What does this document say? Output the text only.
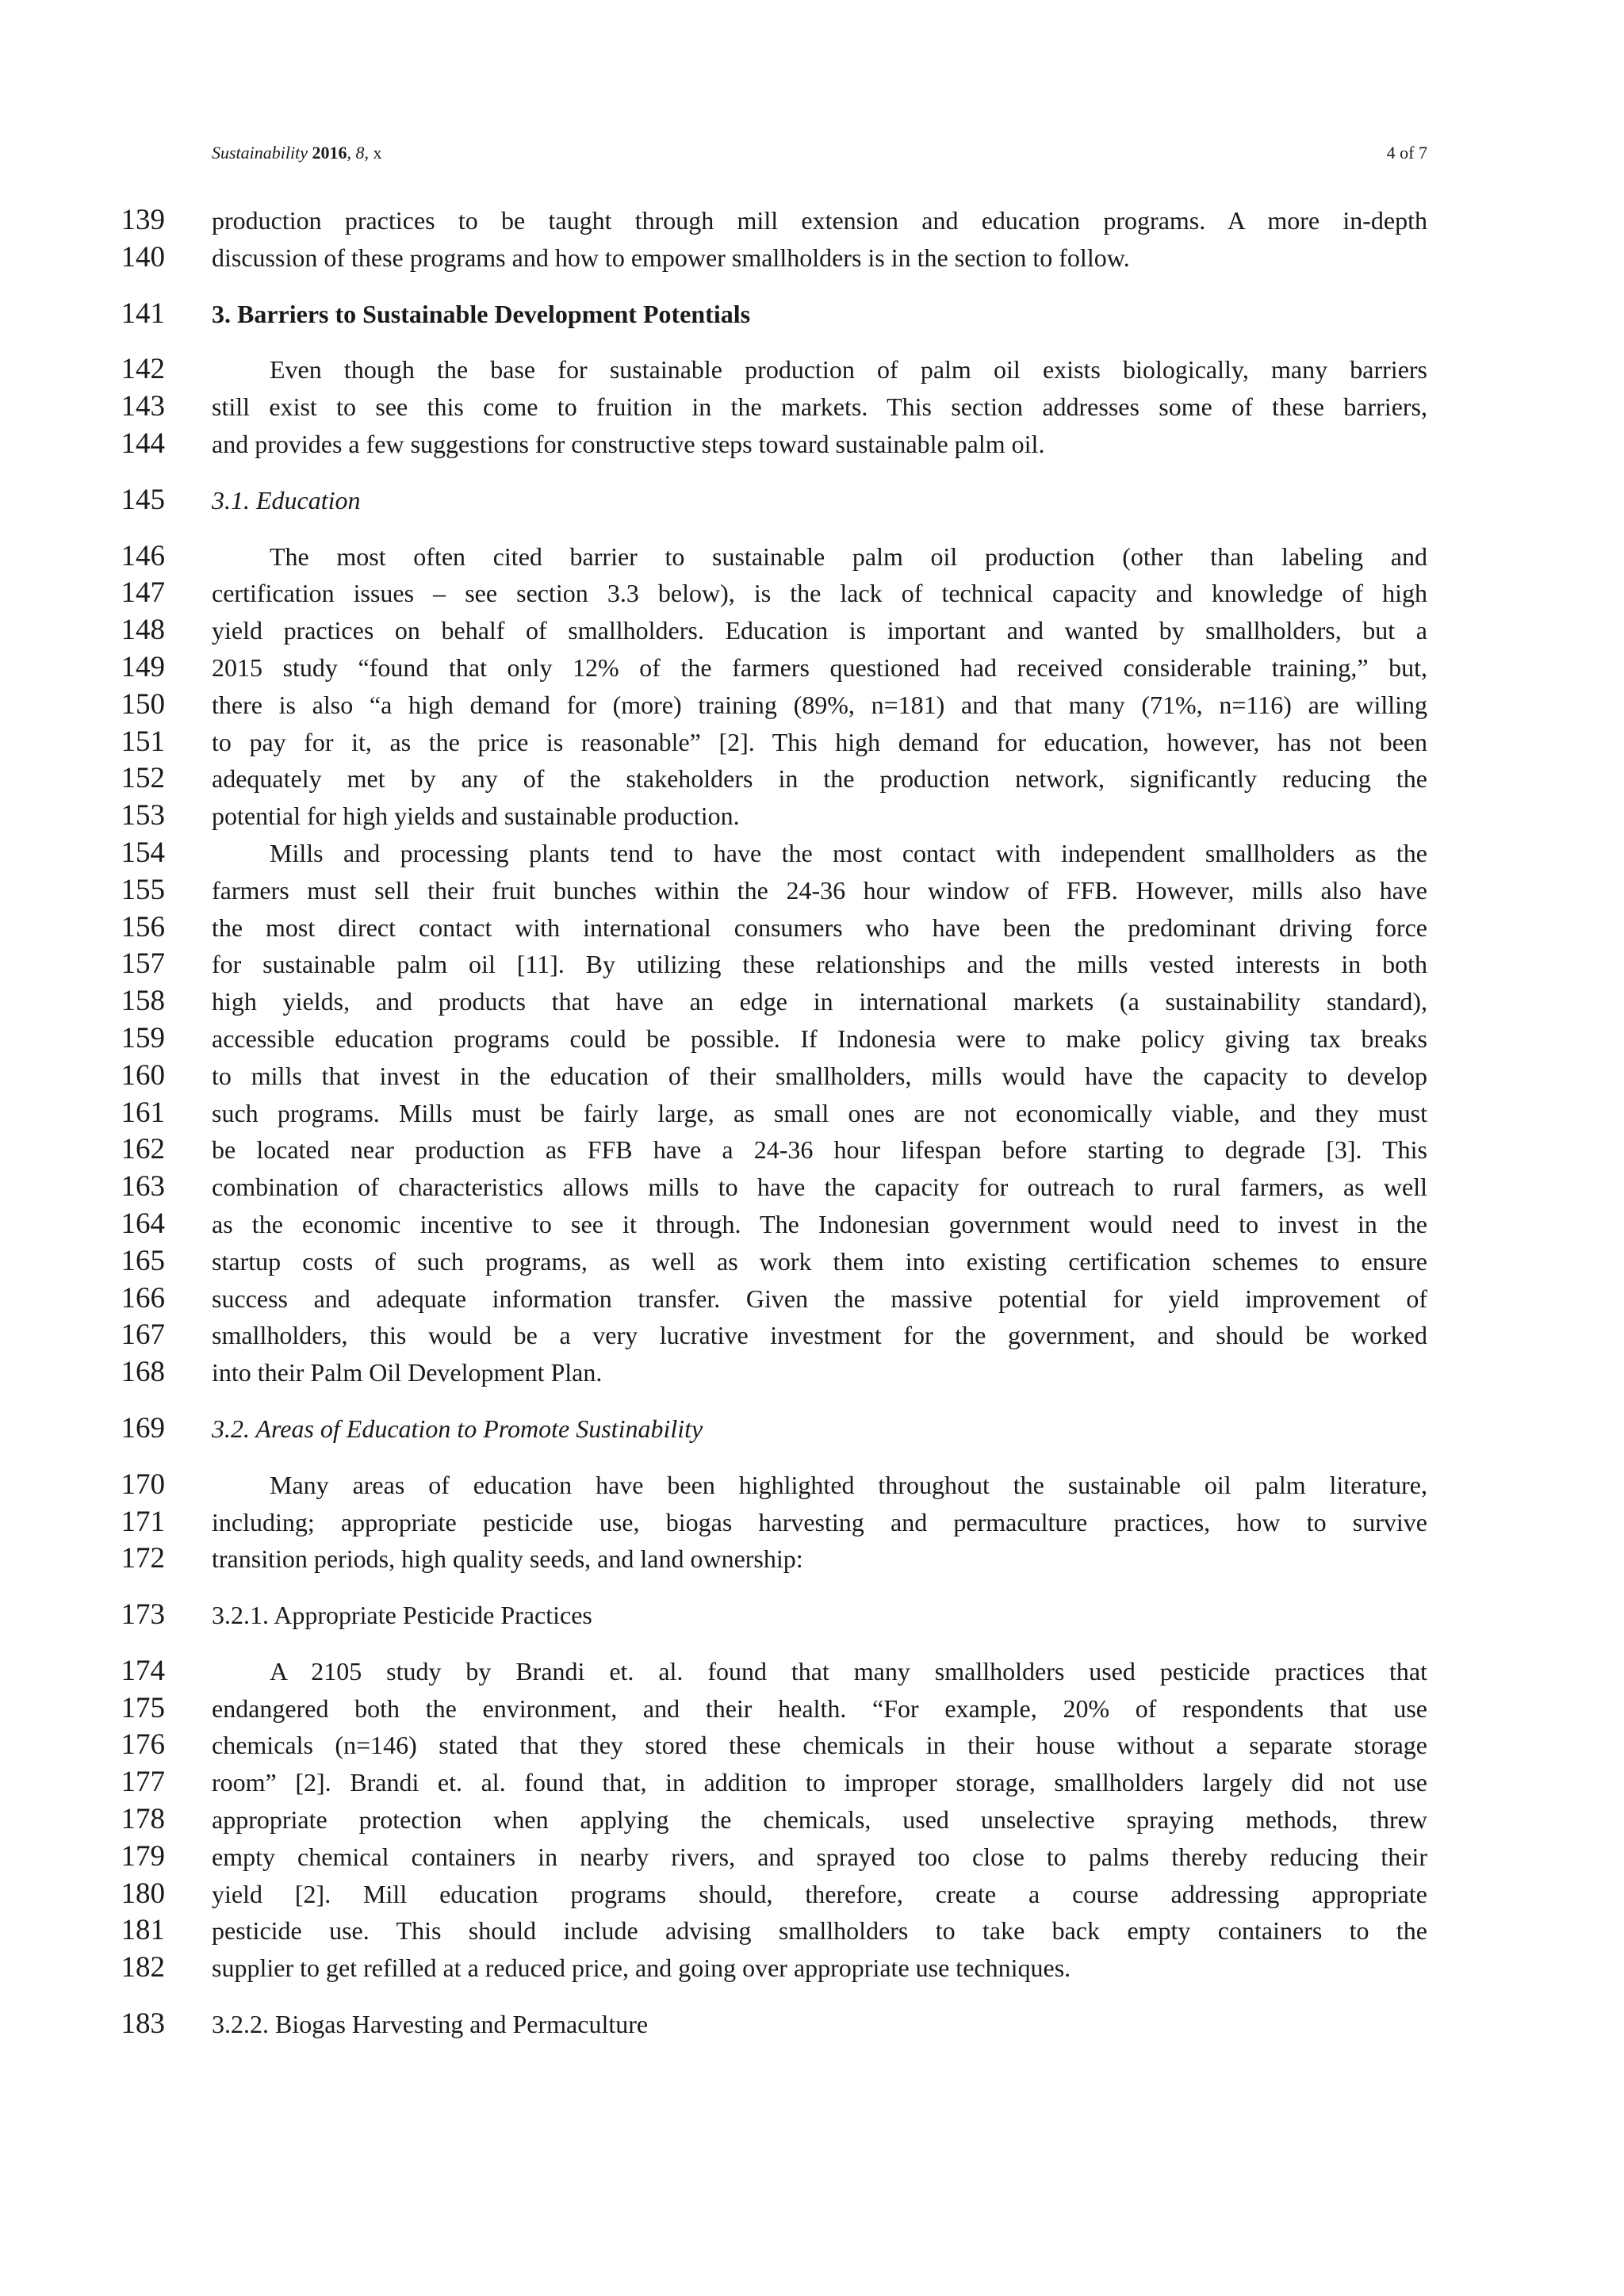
Sustainability 2016, 8, x	4 of 7
139 production practices to be taught through mill extension and education programs. A more in-depth
140 discussion of these programs and how to empower smallholders is in the section to follow.
141 3. Barriers to Sustainable Development Potentials
142	Even though the base for sustainable production of palm oil exists biologically, many barriers
143 still exist to see this come to fruition in the markets. This section addresses some of these barriers,
144 and provides a few suggestions for constructive steps toward sustainable palm oil.
145 3.1. Education
146	The most often cited barrier to sustainable palm oil production (other than labeling and
147 certification issues – see section 3.3 below), is the lack of technical capacity and knowledge of high
148 yield practices on behalf of smallholders. Education is important and wanted by smallholders, but a
149 2015 study “found that only 12% of the farmers questioned had received considerable training,” but,
150 there is also “a high demand for (more) training (89%, n=181) and that many (71%, n=116) are willing
151 to pay for it, as the price is reasonable” [2]. This high demand for education, however, has not been
152 adequately met by any of the stakeholders in the production network, significantly reducing the
153 potential for high yields and sustainable production.
154	Mills and processing plants tend to have the most contact with independent smallholders as the
155 farmers must sell their fruit bunches within the 24-36 hour window of FFB. However, mills also have
156 the most direct contact with international consumers who have been the predominant driving force
157 for sustainable palm oil [11]. By utilizing these relationships and the mills vested interests in both
158 high yields, and products that have an edge in international markets (a sustainability standard),
159 accessible education programs could be possible. If Indonesia were to make policy giving tax breaks
160 to mills that invest in the education of their smallholders, mills would have the capacity to develop
161 such programs. Mills must be fairly large, as small ones are not economically viable, and they must
162 be located near production as FFB have a 24-36 hour lifespan before starting to degrade [3]. This
163 combination of characteristics allows mills to have the capacity for outreach to rural farmers, as well
164 as the economic incentive to see it through. The Indonesian government would need to invest in the
165 startup costs of such programs, as well as work them into existing certification schemes to ensure
166 success and adequate information transfer. Given the massive potential for yield improvement of
167 smallholders, this would be a very lucrative investment for the government, and should be worked
168 into their Palm Oil Development Plan.
169 3.2. Areas of Education to Promote Sustinability
170	Many areas of education have been highlighted throughout the sustainable oil palm literature,
171 including; appropriate pesticide use, biogas harvesting and permaculture practices, how to survive
172 transition periods, high quality seeds, and land ownership:
173 3.2.1. Appropriate Pesticide Practices
174	A 2105 study by Brandi et. al. found that many smallholders used pesticide practices that
175 endangered both the environment, and their health. “For example, 20% of respondents that use
176 chemicals (n=146) stated that they stored these chemicals in their house without a separate storage
177 room” [2]. Brandi et. al. found that, in addition to improper storage, smallholders largely did not use
178 appropriate protection when applying the chemicals, used unselective spraying methods, threw
179 empty chemical containers in nearby rivers, and sprayed too close to palms thereby reducing their
180 yield [2]. Mill education programs should, therefore, create a course addressing appropriate
181 pesticide use. This should include advising smallholders to take back empty containers to the
182 supplier to get refilled at a reduced price, and going over appropriate use techniques.
183 3.2.2. Biogas Harvesting and Permaculture
